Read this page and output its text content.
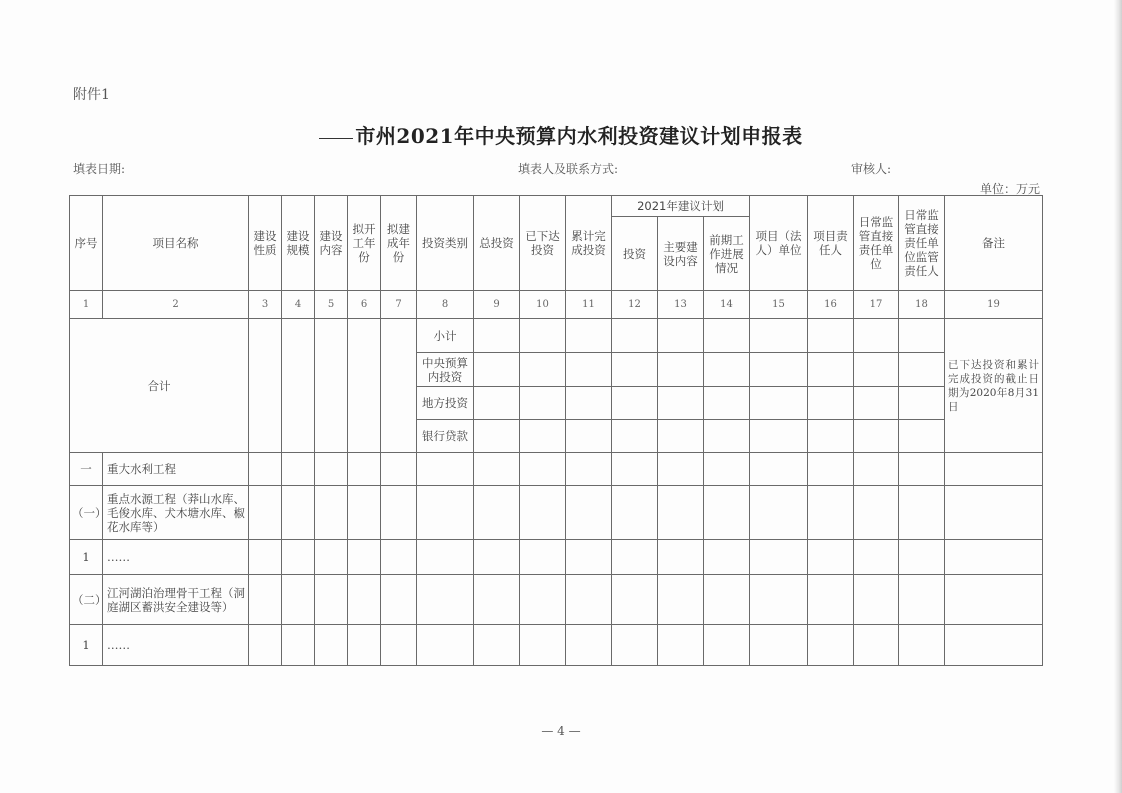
附件1
市州2021年中央预算内水利投资建议计划申报表
填表日期:	填表人及联系方式:	审核人:
单位：万元
序号	项目名称	建设性质	建设规模	建设内容	拟开工年份	拟建成年份	投资类别	总投资	已下达投资	累计完成投资	2021年建议计划			项目（法人）单位	项目责任人	日常监管直接责任单位	日常监管直接责任单位监管责任人	备注
											投资	主要建设内容	前期工作进展情况					
1	2	3	4	5	6	7	8	9	10	11	12	13	14	15	16	17	18	19
合计							小计											已下达投资和累计完成投资的截止日期为2020年8月31日
							中央预算内投资											
							地方投资											
							银行贷款											
一	重大水利工程																	
（一）	重点水源工程（莽山水库、毛俊水库、犬木塘水库、椒花水库等）																	
1	……																	
（二）	江河湖泊治理骨干工程（洞庭湖区蓄洪安全建设等）																	
1	……																	
— 4 —
